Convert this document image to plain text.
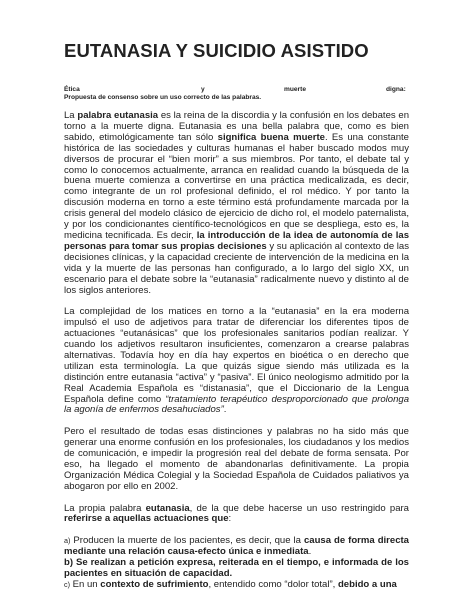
EUTANASIA Y SUICIDIO ASISTIDO
Ética	y	muerte	digna:
Propuesta de consenso sobre un uso correcto de las palabras.

La palabra eutanasia es la reina de la discordia y la confusión en los debates en torno a la muerte digna. Eutanasia es una bella palabra que, como es bien sabido, etimológicamente tan sólo significa buena muerte. Es una constante histórica de las sociedades y culturas humanas el haber buscado modos muy diversos de procurar el “bien morir” a sus miembros. Por tanto, el debate tal y como lo conocemos actualmente, arranca en realidad cuando la búsqueda de la buena muerte comienza a convertirse en una práctica medicalizada, es decir, como integrante de un rol profesional definido, el rol médico. Y por tanto la discusión moderna en torno a este término está profundamente marcada por la crisis general del modelo clásico de ejercicio de dicho rol, el modelo paternalista, y por los condicionantes científico-tecnológicos en que se despliega, esto es, la medicina tecnificada. Es decir, la introducción de la idea de autonomía de las personas para tomar sus propias decisiones y su aplicación al contexto de las decisiones clínicas, y la capacidad creciente de intervención de la medicina en la vida y la muerte de las personas han configurado, a lo largo del siglo XX, un escenario para el debate sobre la “eutanasia” radicalmente nuevo y distinto al de los siglos anteriores.

La complejidad de los matices en torno a la “eutanasia” en la era moderna impulsó el uso de adjetivos para tratar de diferenciar los diferentes tipos de actuaciones “eutanásicas” que los profesionales sanitarios podían realizar. Y cuando los adjetivos resultaron insuficientes, comenzaron a crearse palabras alternativas. Todavía hoy en día hay expertos en bioética o en derecho que utilizan esta terminología. La que quizás sigue siendo más utilizada es la distinción entre eutanasia “activa” y “pasiva”. El único neologismo admitido por la Real Academia Española es “distanasia”, que el Diccionario de la Lengua Española define como “tratamiento terapéutico desproporcionado que prolonga la agonía de enfermos desahuciados”.

Pero el resultado de todas esas distinciones y palabras no ha sido más que generar una enorme confusión en los profesionales, los ciudadanos y los medios de comunicación, e impedir la progresión real del debate de forma sensata. Por eso, ha llegado el momento de abandonarlas definitivamente. La propia Organización Médica Colegial y la Sociedad Española de Cuidados paliativos ya abogaron por ello en 2002.

La propia palabra eutanasia, de la que debe hacerse un uso restringido para referirse a aquellas actuaciones que:

a) Producen la muerte de los pacientes, es decir, que la causa de forma directa mediante una relación causa-efecto única e inmediata.
b) Se realizan a petición expresa, reiterada en el tiempo, e informada de los pacientes en situación de capacidad.
c) En un contexto de sufrimiento, entendido como “dolor total”, debido a una
